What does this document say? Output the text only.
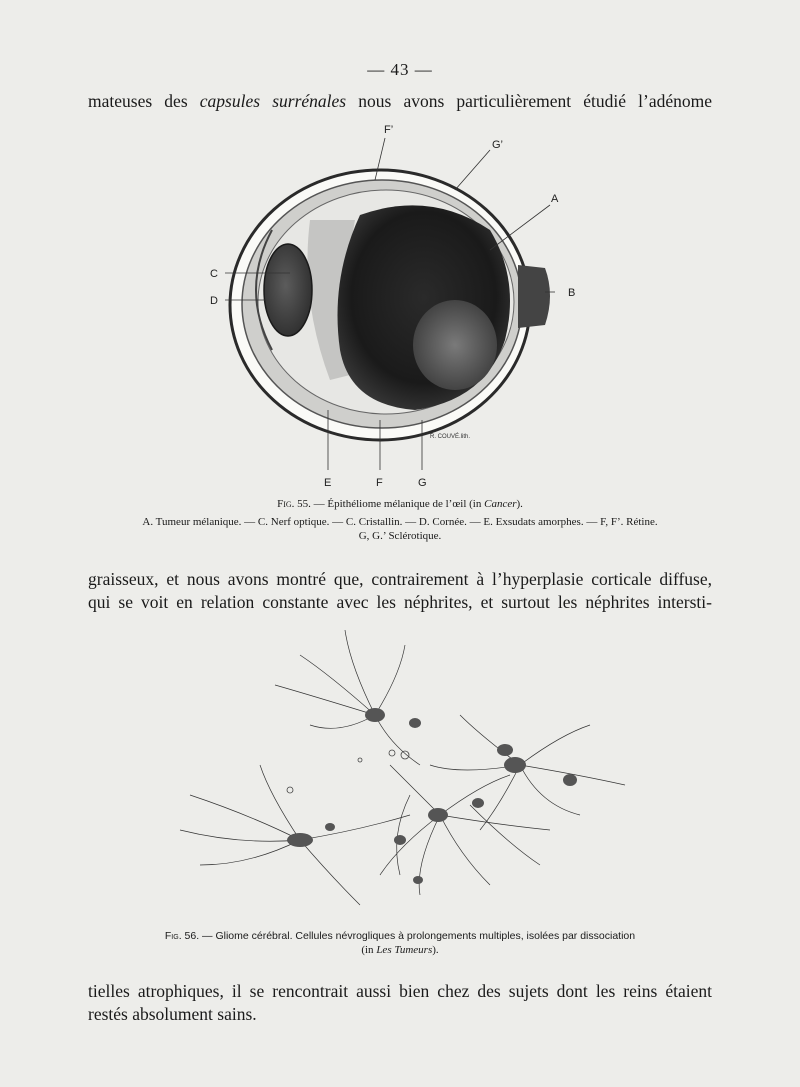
— 43 —
mateuses des capsules surrénales nous avons particulièrement étudié l’adénome
F’
G’
A
B
C
D
E	F	G
R. COUVÉ.lith.
Fig. 55. — Épithéliome mélanique de l’œil (in Cancer).
A. Tumeur mélanique. — C. Nerf optique. — C. Cristallin. — D. Cornée. — E. Exsudats amorphes. — F, F’. Rétine.
G, G.’ Sclérotique.
graisseux, et nous avons montré que, contrairement à l’hyperplasie corticale diffuse,
qui se voit en relation constante avec les néphrites, et surtout les néphrites intersti-
Fig. 56. — Gliome cérébral. Cellules névrogliques à prolongements multiples, isolées par dissociation
(in Les Tumeurs).
tielles atrophiques, il se rencontrait aussi bien chez des sujets dont les reins étaient
restés absolument sains.
